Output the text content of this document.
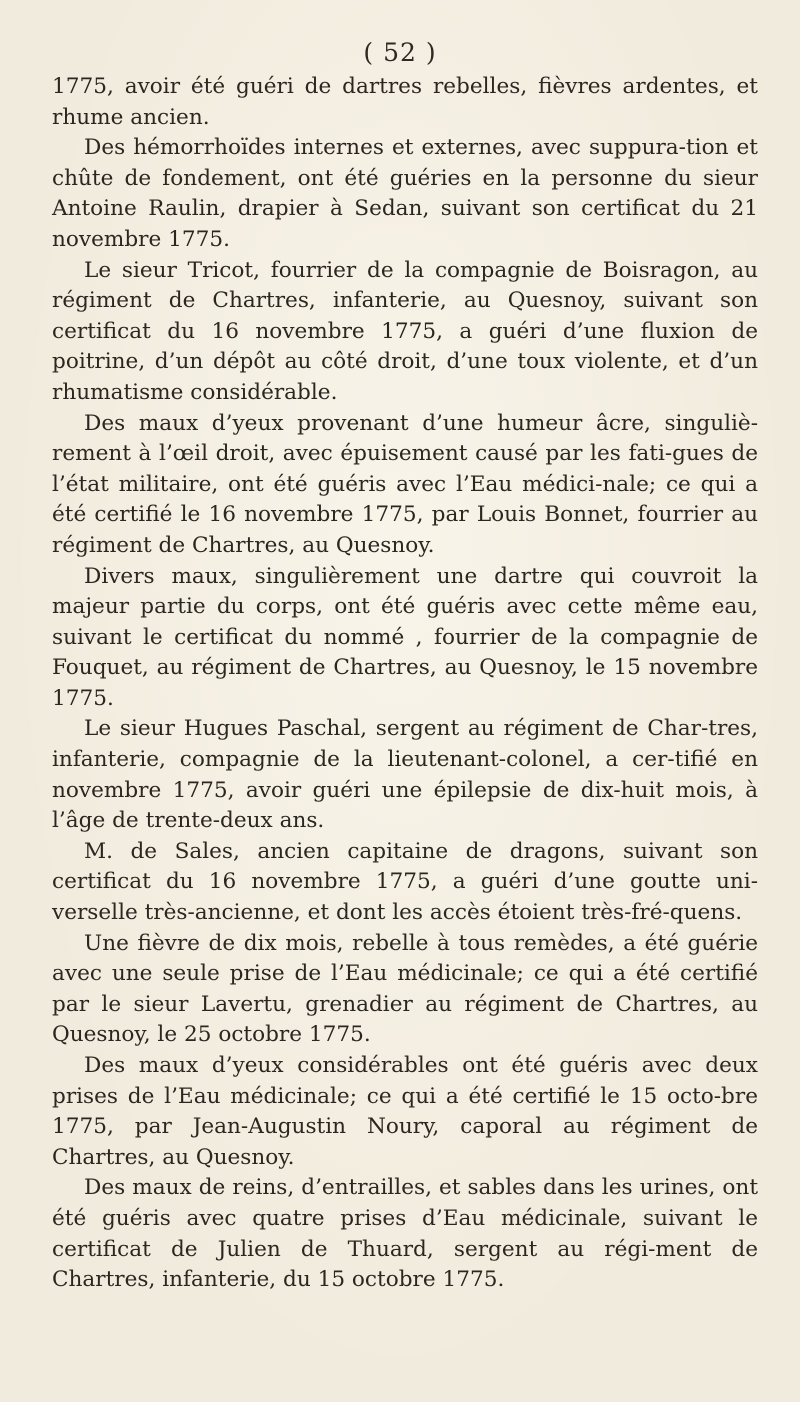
( 52 )

1775, avoir été guéri de dartres rebelles, fièvres ardentes, et rhume ancien.

Des hémorrhoïdes internes et externes, avec suppura-tion et chûte de fondement, ont été guéries en la personne du sieur Antoine Raulin, drapier à Sedan, suivant son certificat du 21 novembre 1775.

Le sieur Tricot, fourrier de la compagnie de Boisragon, au régiment de Chartres, infanterie, au Quesnoy, suivant son certificat du 16 novembre 1775, a guéri d’une fluxion de poitrine, d’un dépôt au côté droit, d’une toux violente, et d’un rhumatisme considérable.

Des maux d’yeux provenant d’une humeur âcre, singuliè-rement à l’œil droit, avec épuisement causé par les fati-gues de l’état militaire, ont été guéris avec l’Eau médici-nale; ce qui a été certifié le 16 novembre 1775, par Louis Bonnet, fourrier au régiment de Chartres, au Quesnoy.

Divers maux, singulièrement une dartre qui couvroit la majeur partie du corps, ont été guéris avec cette même eau, suivant le certificat du nommé , fourrier de la compagnie de Fouquet, au régiment de Chartres, au Quesnoy, le 15 novembre 1775.

Le sieur Hugues Paschal, sergent au régiment de Char-tres, infanterie, compagnie de la lieutenant-colonel, a cer-tifié en novembre 1775, avoir guéri une épilepsie de dix-huit mois, à l’âge de trente-deux ans.

M. de Sales, ancien capitaine de dragons, suivant son certificat du 16 novembre 1775, a guéri d’une goutte uni-verselle très-ancienne, et dont les accès étoient très-fré-quens.

Une fièvre de dix mois, rebelle à tous remèdes, a été guérie avec une seule prise de l’Eau médicinale; ce qui a été certifié par le sieur Lavertu, grenadier au régiment de Chartres, au Quesnoy, le 25 octobre 1775.

Des maux d’yeux considérables ont été guéris avec deux prises de l’Eau médicinale; ce qui a été certifié le 15 octo-bre 1775, par Jean-Augustin Noury, caporal au régiment de Chartres, au Quesnoy.

Des maux de reins, d’entrailles, et sables dans les urines, ont été guéris avec quatre prises d’Eau médicinale, suivant le certificat de Julien de Thuard, sergent au régi-ment de Chartres, infanterie, du 15 octobre 1775.
